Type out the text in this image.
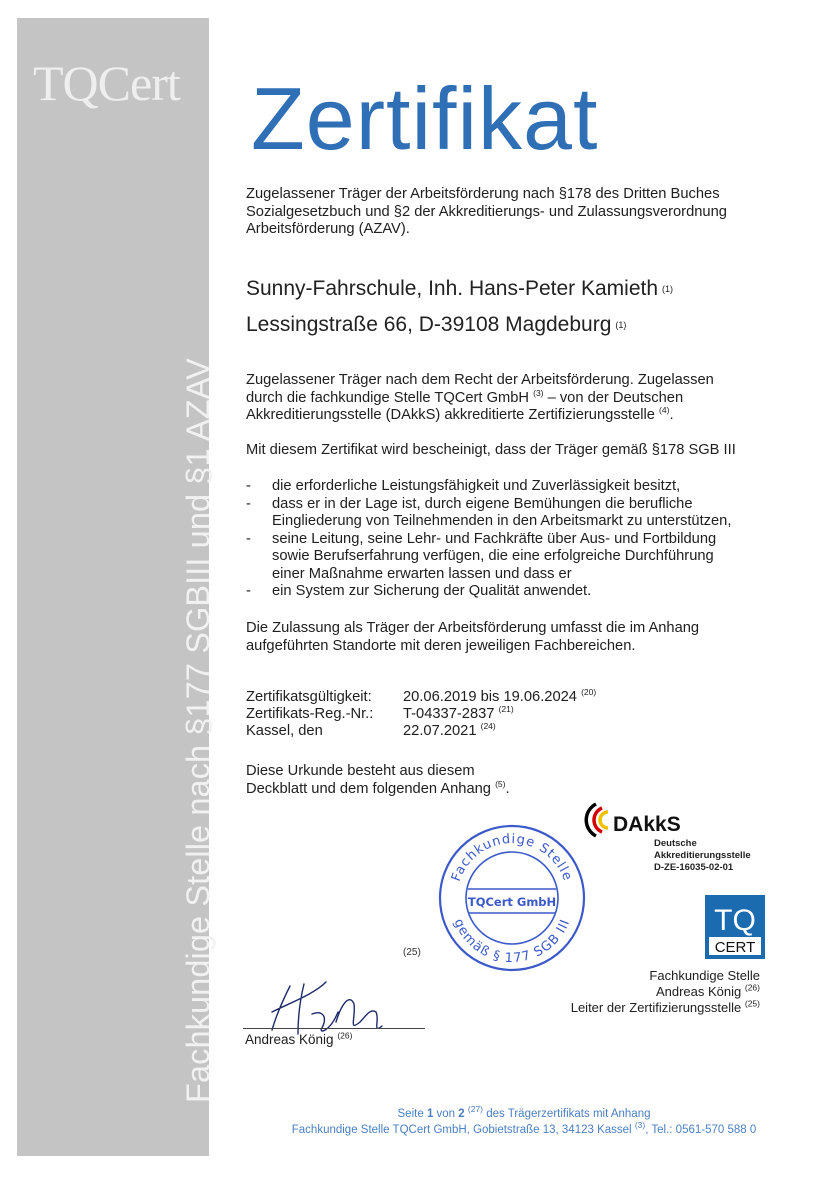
TQCert
Fachkundige Stelle nach §177 SGBIII und §1 AZAV
Zertifikat
Zugelassener Träger der Arbeitsförderung nach §178 des Dritten Buches
Sozialgesetzbuch und §2 der Akkreditierungs- und Zulassungsverordnung
Arbeitsförderung (AZAV).
Sunny-Fahrschule, Inh. Hans-Peter Kamieth (1)
Lessingstraße 66, D-39108 Magdeburg (1)
Zugelassener Träger nach dem Recht der Arbeitsförderung. Zugelassen
durch die fachkundige Stelle TQCert GmbH $^{(3)}$ – von der Deutschen
Akkreditierungsstelle (DAkkS) akkreditierte Zertifizierungsstelle $^{(4)}$.
Mit diesem Zertifikat wird bescheinigt, dass der Träger gemäß §178 SGB III
- die erforderliche Leistungsfähigkeit und Zuverlässigkeit besitzt,
- dass er in der Lage ist, durch eigene Bemühungen die berufliche
Eingliederung von Teilnehmenden in den Arbeitsmarkt zu unterstützen,
- seine Leitung, seine Lehr- und Fachkräfte über Aus- und Fortbildung
sowie Berufserfahrung verfügen, die eine erfolgreiche Durchführung
einer Maßnahme erwarten lassen und dass er
- ein System zur Sicherung der Qualität anwendet.
Die Zulassung als Träger der Arbeitsförderung umfasst die im Anhang
aufgeführten Standorte mit deren jeweiligen Fachbereichen.
Zertifikatsgültigkeit: 20.06.2019 bis 19.06.2024 $^{(20)}$
Zertifikats-Reg.-Nr.: T-04337-2837 $^{(21)}$
Kassel, den	22.07.2021 $^{(24)}$
Diese Urkunde besteht aus diesem
Deckblatt und dem folgenden Anhang $^{(5)}$.
Fachkundige Stelle
TQCert GmbH
gemäß § 177 SGB III
(25)
DAkkS
Deutsche
Akkreditierungsstelle
D-ZE-16035-02-01
TQ
CERT
Fachkundige Stelle
Andreas König $^{(26)}$
Leiter der Zertifizierungsstelle $^{(25)}$
Andreas König $^{(26)}$
Seite 1 von 2 $^{(27)}$ des Trägerzertifikats mit Anhang
Fachkundige Stelle TQCert GmbH, Gobietstraße 13, 34123 Kassel $^{(3)}$, Tel.: 0561-570 588 0
